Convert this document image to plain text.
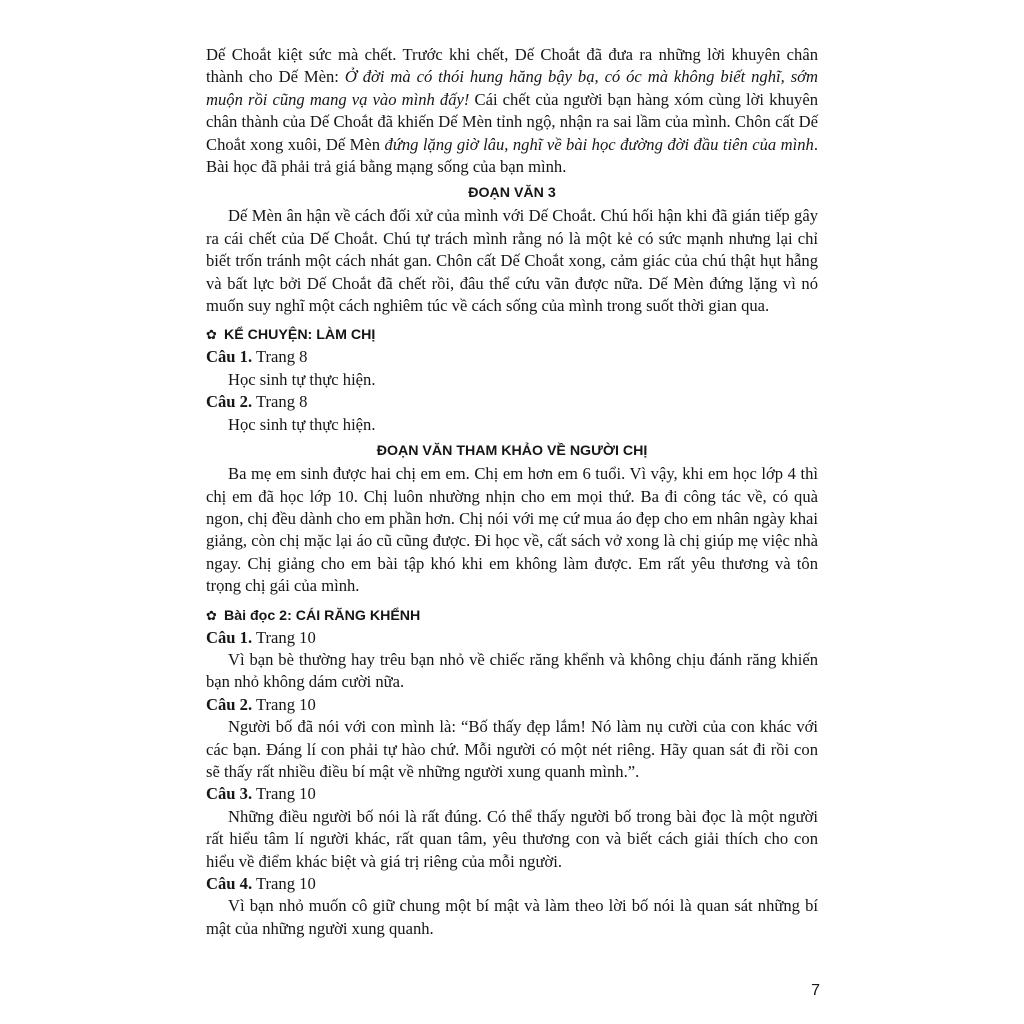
Dế Choắt kiệt sức mà chết. Trước khi chết, Dế Choắt đã đưa ra những lời khuyên chân thành cho Dế Mèn: Ở đời mà có thói hung hăng bậy bạ, có óc mà không biết nghĩ, sớm muộn rồi cũng mang vạ vào mình đấy! Cái chết của người bạn hàng xóm cùng lời khuyên chân thành của Dế Choắt đã khiến Dế Mèn tỉnh ngộ, nhận ra sai lầm của mình. Chôn cất Dế Choắt xong xuôi, Dế Mèn đứng lặng giờ lâu, nghĩ về bài học đường đời đầu tiên của mình. Bài học đã phải trả giá bằng mạng sống của bạn mình.

ĐOẠN VĂN 3

Dế Mèn ân hận về cách đối xử của mình với Dế Choắt. Chú hối hận khi đã gián tiếp gây ra cái chết của Dế Choắt. Chú tự trách mình rằng nó là một kẻ có sức mạnh nhưng lại chỉ biết trốn tránh một cách nhát gan. Chôn cất Dế Choắt xong, cảm giác của chú thật hụt hẫng và bất lực bởi Dế Choắt đã chết rồi, đâu thể cứu vãn được nữa. Dế Mèn đứng lặng vì nó muốn suy nghĩ một cách nghiêm túc về cách sống của mình trong suốt thời gian qua.

✿ KỂ CHUYỆN: LÀM CHỊ
Câu 1. Trang 8

Học sinh tự thực hiện.

Câu 2. Trang 8

Học sinh tự thực hiện.

ĐOẠN VĂN THAM KHẢO VỀ NGƯỜI CHỊ

Ba mẹ em sinh được hai chị em em. Chị em hơn em 6 tuổi. Vì vậy, khi em học lớp 4 thì chị em đã học lớp 10. Chị luôn nhường nhịn cho em mọi thứ. Ba đi công tác về, có quà ngon, chị đều dành cho em phần hơn. Chị nói với mẹ cứ mua áo đẹp cho em nhân ngày khai giảng, còn chị mặc lại áo cũ cũng được. Đi học về, cất sách vở xong là chị giúp mẹ việc nhà ngay. Chị giảng cho em bài tập khó khi em không làm được. Em rất yêu thương và tôn trọng chị gái của mình.

✿ Bài đọc 2: CÁI RĂNG KHỂNH
Câu 1. Trang 10

Vì bạn bè thường hay trêu bạn nhỏ về chiếc răng khểnh và không chịu đánh răng khiến bạn nhỏ không dám cười nữa.

Câu 2. Trang 10

Người bố đã nói với con mình là: “Bố thấy đẹp lắm! Nó làm nụ cười của con khác với các bạn. Đáng lí con phải tự hào chứ. Mỗi người có một nét riêng. Hãy quan sát đi rồi con sẽ thấy rất nhiều điều bí mật về những người xung quanh mình.”.

Câu 3. Trang 10

Những điều người bố nói là rất đúng. Có thể thấy người bố trong bài đọc là một người rất hiểu tâm lí người khác, rất quan tâm, yêu thương con và biết cách giải thích cho con hiểu về điểm khác biệt và giá trị riêng của mỗi người.

Câu 4. Trang 10

Vì bạn nhỏ muốn cô giữ chung một bí mật và làm theo lời bố nói là quan sát những bí mật của những người xung quanh.

7
